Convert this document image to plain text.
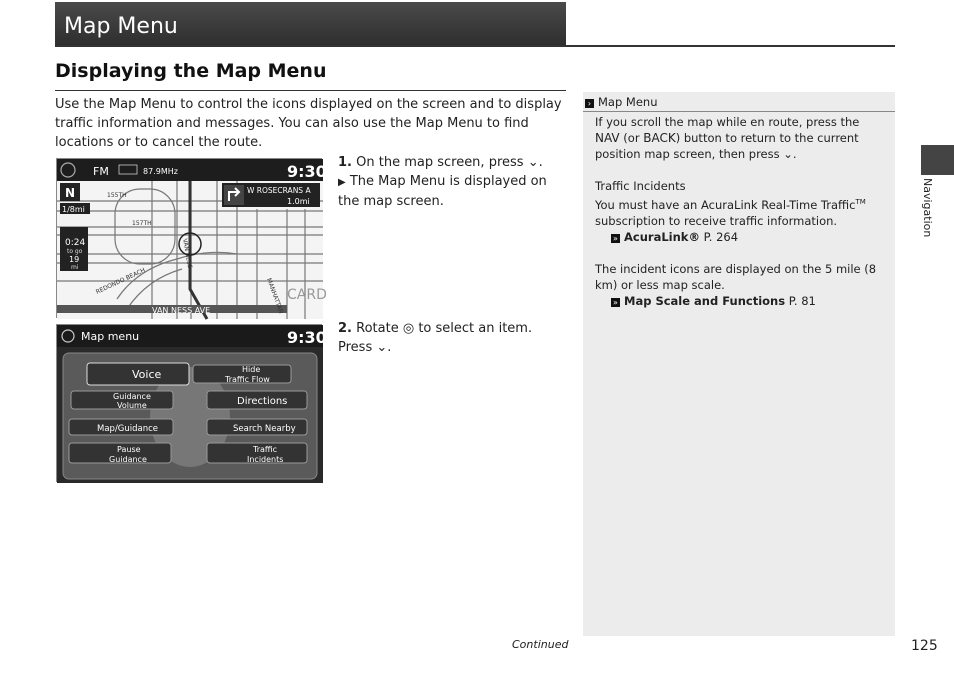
Map Menu
Displaying the Map Menu
Use the Map Menu to control the icons displayed on the screen and to display traffic information and messages. You can also use the Map Menu to find locations or to cancel the route.
FM	87.9MHz	9:30
N
1/8mi
0:24
to go
19
mi
W ROSECRANS A
1.0mi
155TH
157TH
REDONDO BEACH	MANHATTAN
VAN NESS
CARD
VAN NESS AVE
Map menu	9:30
Voice	Hide
Traffic Flow
Guidance
Volume	Directions
Map/Guidance	Search Nearby
Pause
Guidance
Traffic
Incidents
1. On the map screen, press ⌄.
▶ The Map Menu is displayed on the map screen.
2. Rotate ◎ to select an item. Press ⌄.
› Map Menu

If you scroll the map while en route, press the NAV (or BACK) button to return to the current position map screen, then press ⌄.

Traffic Incidents

You must have an AcuraLink Real-Time Traffic™ subscription to receive traffic information.

» AcuraLink® P. 264

The incident icons are displayed on the 5 mile (8 km) or less map scale.

» Map Scale and Functions P. 81

Navigation
Continued	125
